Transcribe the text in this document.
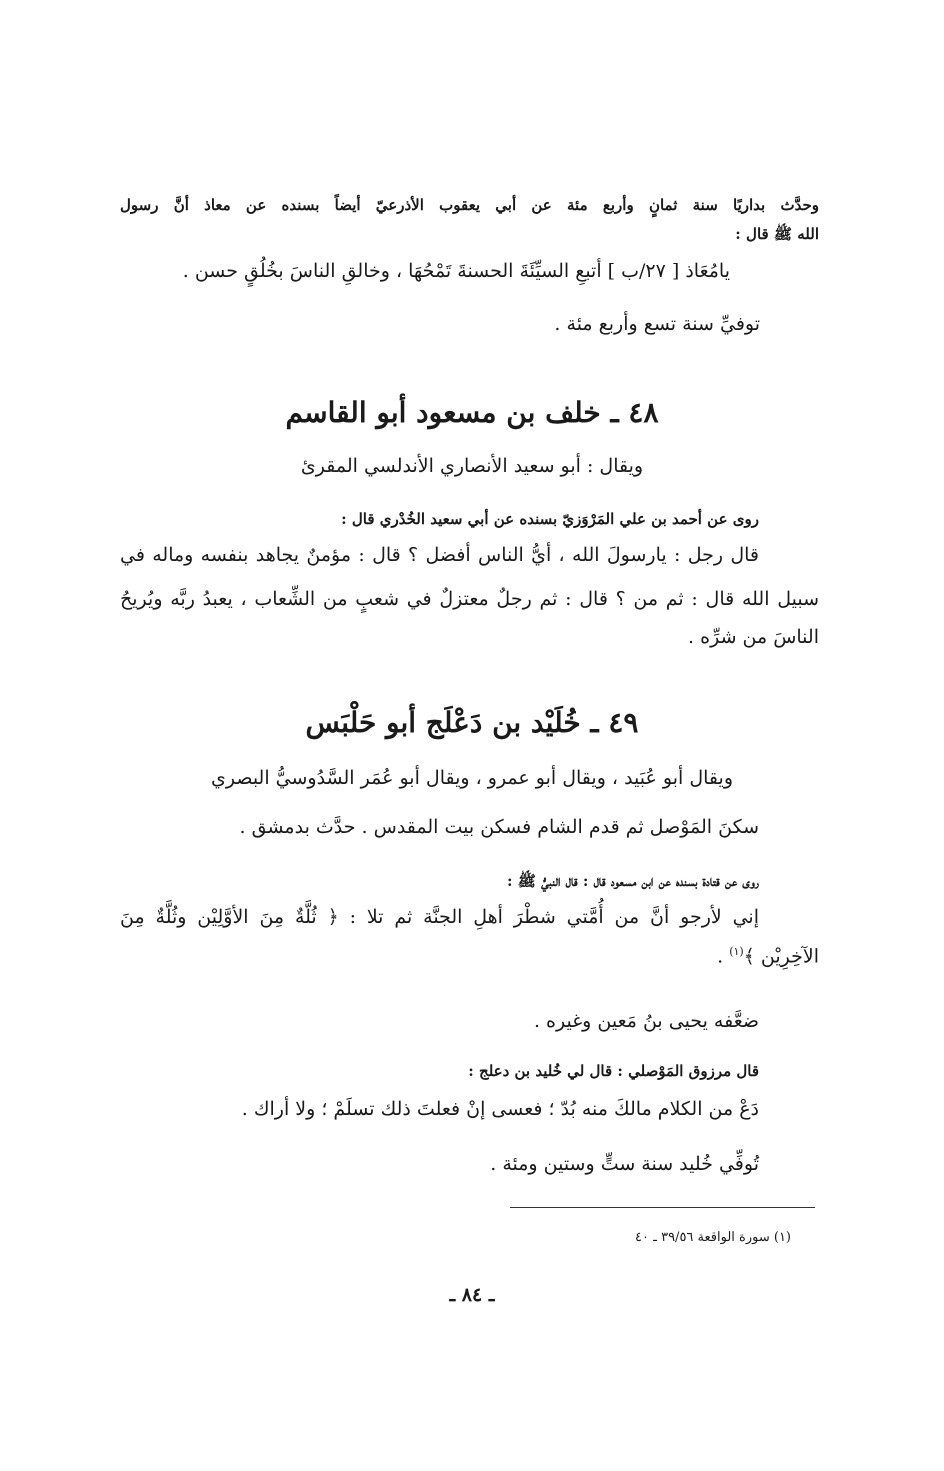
وحدَّث بداريًا سنة ثمانٍ وأربع مئة عن أبي يعقوب الأذرعيّ أيضاً بسنده عن معاذ أنَّ رسول
الله ﷺ قال :
يامُعَاذ [ ٢٧/ب ] أتبعِ السيِّئَةَ الحسنةَ تَمْحُهَا ، وخالقِ الناسَ بخُلُقٍ حسن .
توفيِّ سنة تسع وأربع مئة .
٤٨ ـ خلف بن مسعود أبو القاسم
ويقال : أبو سعيد الأنصاري الأندلسي المقرئ
روى عن أحمد بن علي المَرْوَزيّ بسنده عن أبي سعيد الخُدْري قال :
قال رجل : يارسولَ الله ، أيُّ الناس أفضل ؟ قال : مؤمنٌ يجاهد بنفسه وماله في
سبيل الله قال : ثم من ؟ قال : ثم رجلٌ معتزلٌ في شعبٍ من الشِّعاب ، يعبدُ ربَّه ويُريحُ
الناسَ من شرِّه .
٤٩ ـ خُلَيْد بن دَعْلَج أبو حَلْبَس
ويقال أبو عُبَيد ، ويقال أبو عمرو ، ويقال أبو عُمَر السَّدُوسيُّ البصري
سكنَ المَوْصل ثم قدم الشام فسكن بيت المقدس . حدَّث بدمشق .
روى عن قتادة بسنده عن ابن مسعود قال : قال النبيُّ ﷺ :
إني لأرجو أنَّ من أُمَّتي شطْرَ أهلِ الجنَّة ثم تلا : ﴿ ثُلَّةٌ مِنَ الأوَّلِيْن وثُلَّةٌ مِنَ
الآخِرِيْن ﴾$^{(١)}$ .
ضعَّفه يحيى بنُ مَعين وغيره .
قال مرزوق المَوْصلي : قال لي خُليد بن دعلج :
دَعْ من الكلام مالكَ منه بُدّ ؛ فعسى إنْ فعلتَ ذلك تسلَمْ ؛ ولا أراك .
تُوفِّي خُليد سنة ستٍّ وستين ومئة .
(١) سورة الواقعة ٣٩/٥٦ ـ ٤٠
ـ ٨٤ ـ
